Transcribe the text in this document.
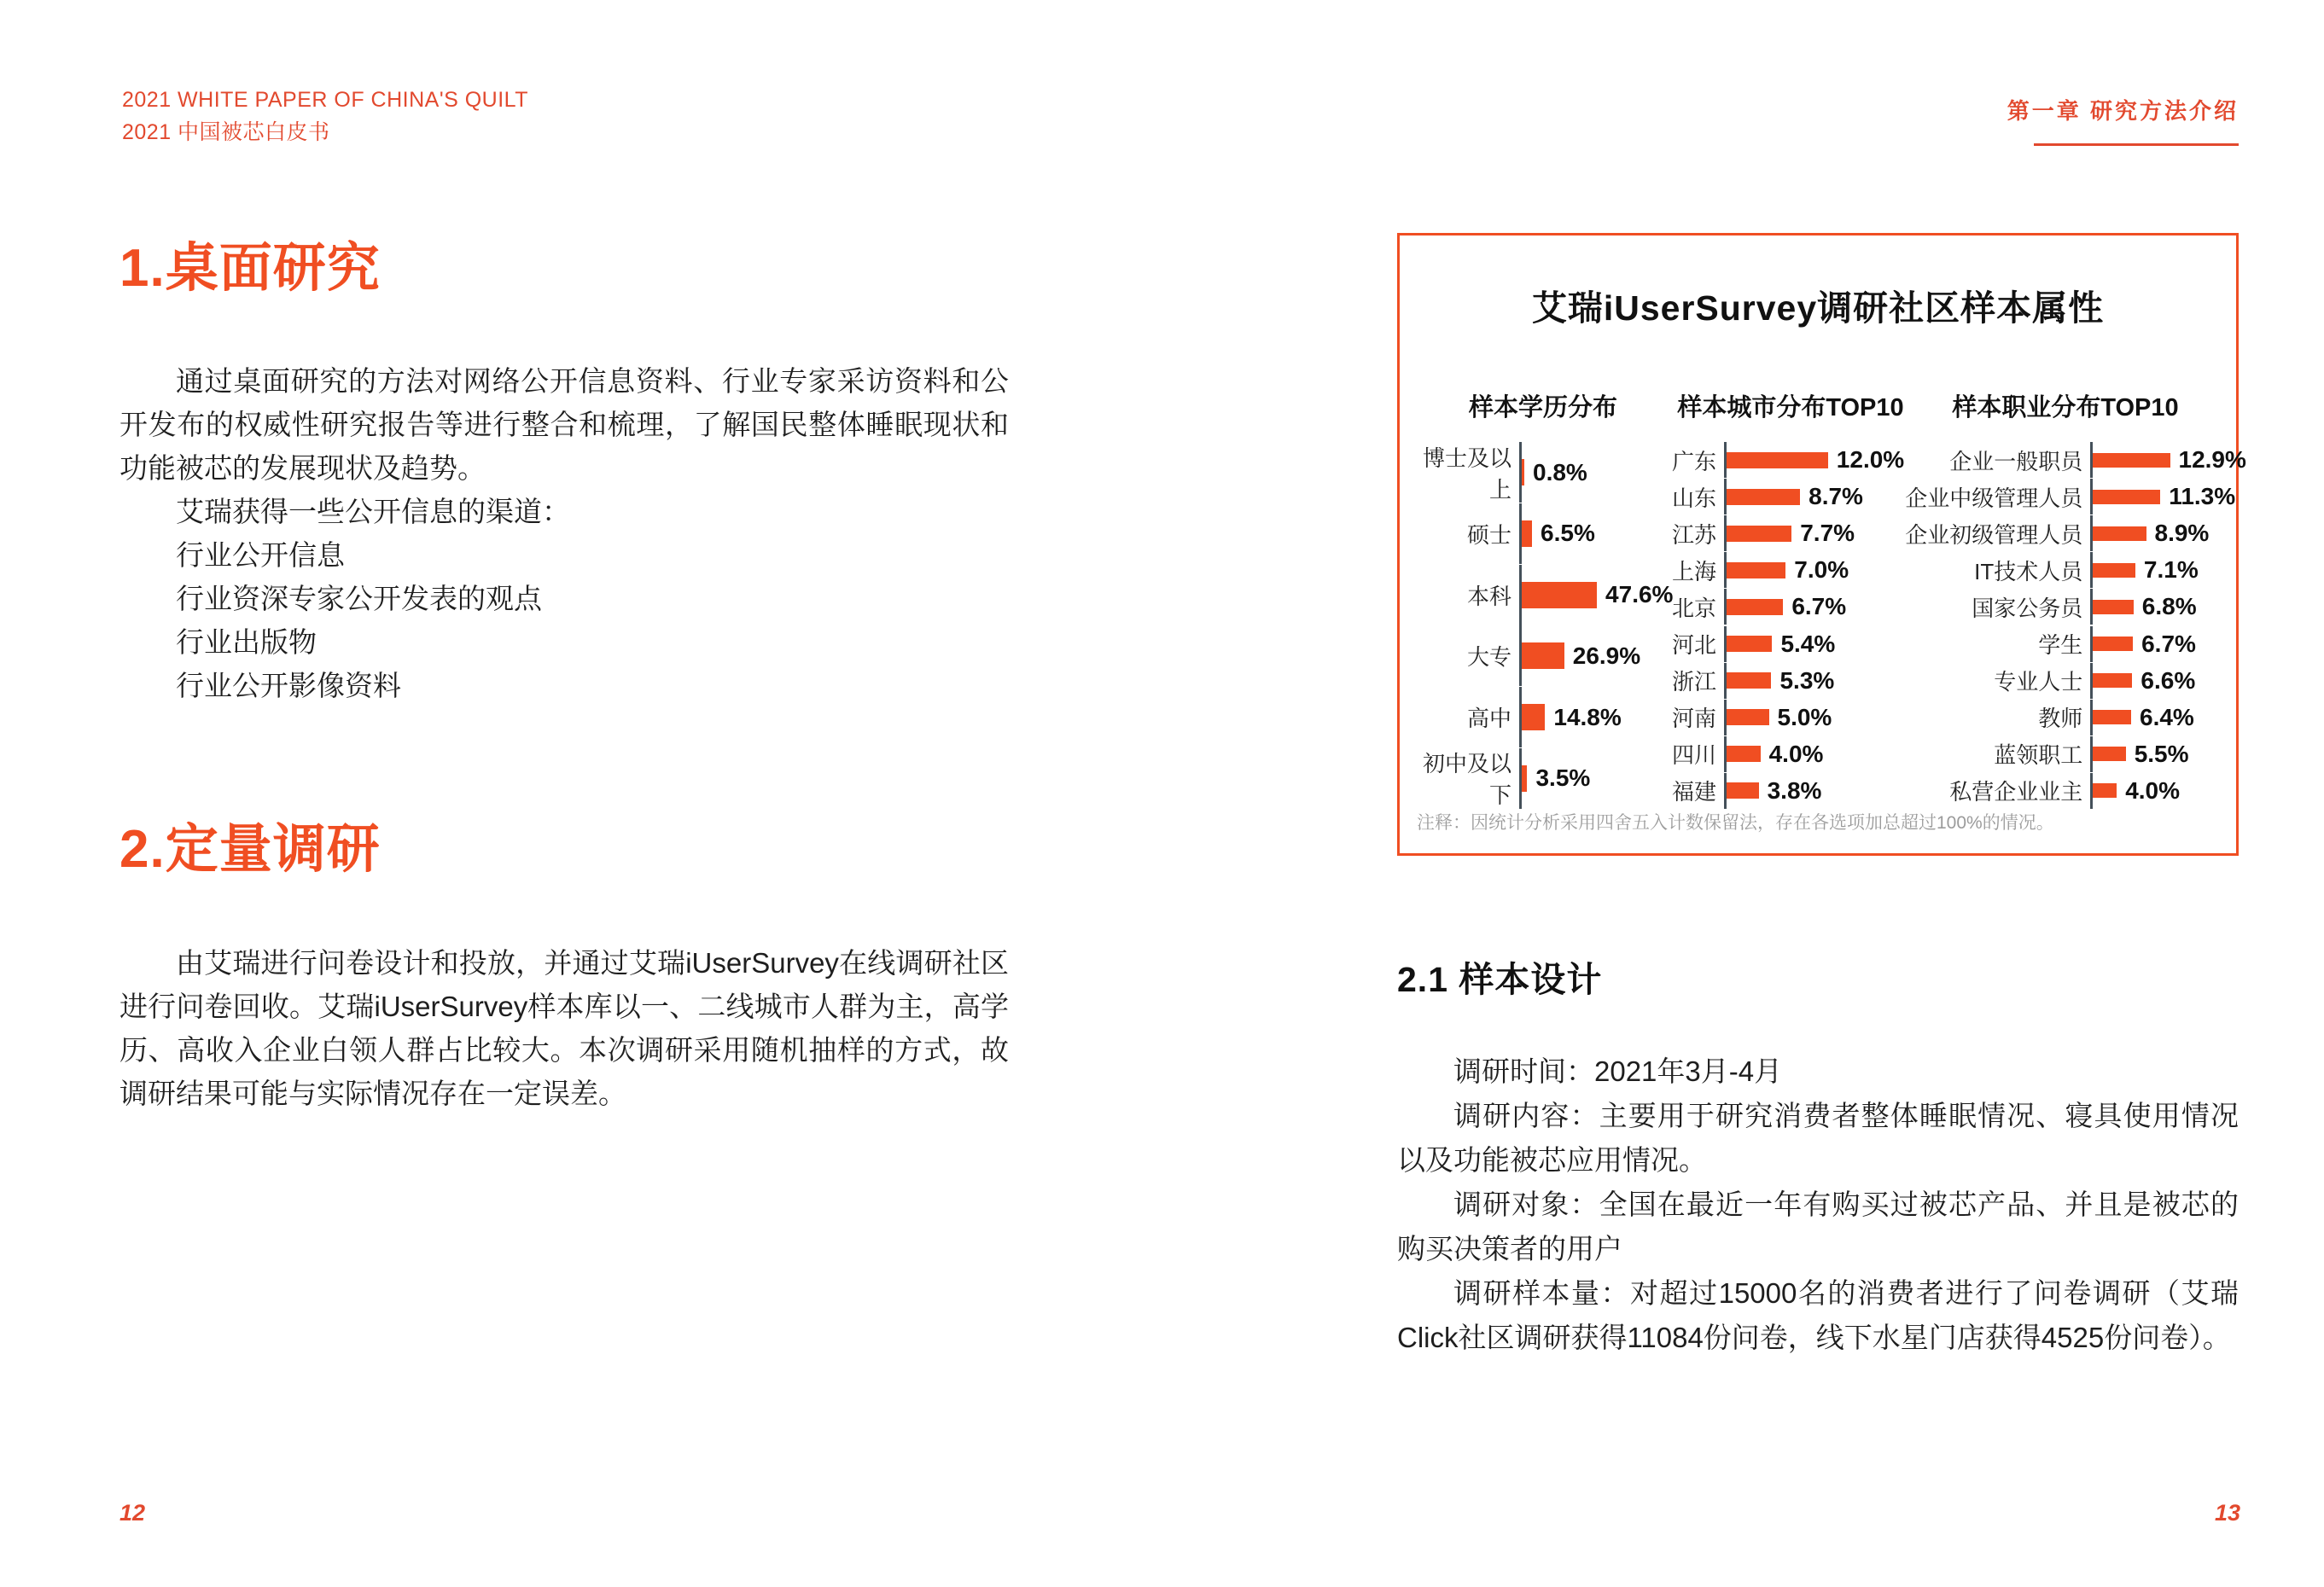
2021 WHITE PAPER OF CHINA'S QUILT
2021 中国被芯白皮书
第一章 研究方法介绍
1.桌面研究

通过桌面研究的方法对网络公开信息资料、行业专家采访资料和公开发布的权威性研究报告等进行整合和梳理，了解国民整体睡眠现状和功能被芯的发展现状及趋势。

艾瑞获得一些公开信息的渠道：

行业公开信息

行业资深专家公开发表的观点

行业出版物

行业公开影像资料

2.定量调研

由艾瑞进行问卷设计和投放，并通过艾瑞iUserSurvey在线调研社区进行问卷回收。艾瑞iUserSurvey样本库以一、二线城市人群为主，高学历、高收入企业白领人群占比较大。本次调研采用随机抽样的方式，故调研结果可能与实际情况存在一定误差。

艾瑞iUserSurvey调研社区样本属性
样本学历分布	样本城市分布TOP10	样本职业分布TOP10
博士及以上
0.8%
硕士	6.5%
本科	47.6%
大专	26.9%
高中	14.8%
初中及以下
3.5%
广东	12.0%
山东	8.7%
江苏	7.7%
上海	7.0%
北京	6.7%
河北	5.4%
浙江	5.3%
河南	5.0%
四川	4.0%
福建	3.8%
企业一般职员	12.9%
企业中级管理人员	11.3%
企业初级管理人员	8.9%
IT技术人员	7.1%
国家公务员	6.8%
学生	6.7%
专业人士	6.6%
教师	6.4%
蓝领职工	5.5%
私营企业业主	4.0%
注释：因统计分析采用四舍五入计数保留法，存在各选项加总超过100%的情况。
2.1 样本设计

调研时间：2021年3月-4月

调研内容：主要用于研究消费者整体睡眠情况、寝具使用情况以及功能被芯应用情况。

调研对象：全国在最近一年有购买过被芯产品、并且是被芯的购买决策者的用户

调研样本量：对超过15000名的消费者进行了问卷调研（艾瑞Click社区调研获得11084份问卷，线下水星门店获得4525份问卷）。

12	13
